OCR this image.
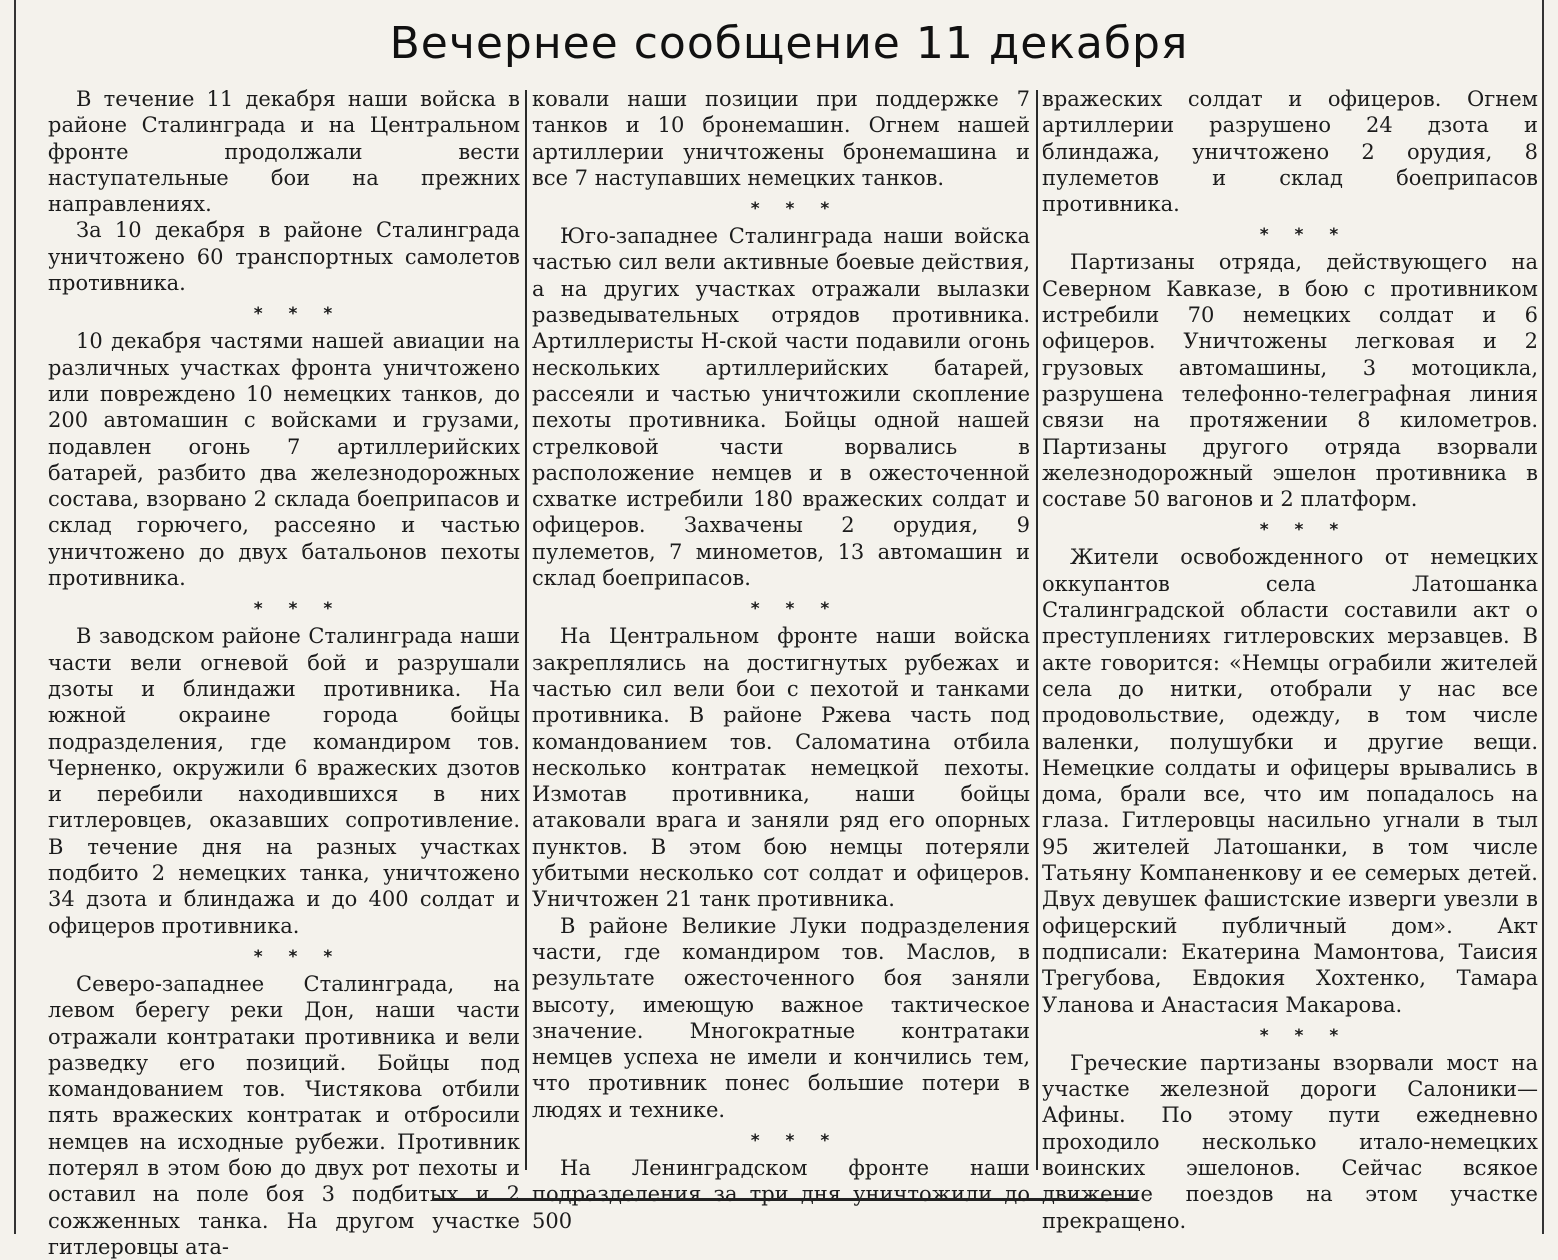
Вечернее сообщение 11 декабря

В течение 11 декабря наши войска в районе Сталинграда и на Центральном фронте продолжали вести наступательные бои на прежних направлениях.

За 10 декабря в районе Сталинграда уничтожено 60 транспортных самолетов противника.

* * *

10 декабря частями нашей авиации на различных участках фронта уничтожено или повреждено 10 немецких танков, до 200 автомашин с войсками и грузами, подавлен огонь 7 артиллерийских батарей, разбито два железнодорожных состава, взорвано 2 склада боеприпасов и склад горючего, рассеяно и частью уничтожено до двух батальонов пехоты противника.

* * *

В заводском районе Сталинграда наши части вели огневой бой и разрушали дзоты и блиндажи противника. На южной окраине города бойцы подразделения, где командиром тов. Черненко, окружили 6 вражеских дзотов и перебили находившихся в них гитлеровцев, оказавших сопротивление. В течение дня на разных участках подбито 2 немецких танка, уничтожено 34 дзота и блиндажа и до 400 солдат и офицеров противника.

* * *

Северо-западнее Сталинграда, на левом берегу реки Дон, наши части отражали контратаки противника и вели разведку его позиций. Бойцы под командованием тов. Чистякова отбили пять вражеских контратак и отбросили немцев на исходные рубежи. Противник потерял в этом бою до двух рот пехоты и оставил на поле боя 3 подбитых и 2 сожженных танка. На другом участке гитлеровцы ата-

ковали наши позиции при поддержке 7 танков и 10 бронемашин. Огнем нашей артиллерии уничтожены бронемашина и все 7 наступавших немецких танков.

* * *

Юго-западнее Сталинграда наши войска частью сил вели активные боевые действия, а на других участках отражали вылазки разведывательных отрядов противника. Артиллеристы Н-ской части подавили огонь нескольких артиллерийских батарей, рассеяли и частью уничтожили скопление пехоты противника. Бойцы одной нашей стрелковой части ворвались в расположение немцев и в ожесточенной схватке истребили 180 вражеских солдат и офицеров. Захвачены 2 орудия, 9 пулеметов, 7 минометов, 13 автомашин и склад боеприпасов.

* * *

На Центральном фронте наши войска закреплялись на достигнутых рубежах и частью сил вели бои с пехотой и танками противника. В районе Ржева часть под командованием тов. Саломатина отбила несколько контратак немецкой пехоты. Измотав противника, наши бойцы атаковали врага и заняли ряд его опорных пунктов. В этом бою немцы потеряли убитыми несколько сот солдат и офицеров. Уничтожен 21 танк противника.

В районе Великие Луки подразделения части, где командиром тов. Маслов, в результате ожесточенного боя заняли высоту, имеющую важное тактическое значение. Многократные контратаки немцев успеха не имели и кончились тем, что противник понес большие потери в людях и технике.

* * *

На Ленинградском фронте наши подразделения за три дня уничтожили до 500

вражеских солдат и офицеров. Огнем артиллерии разрушено 24 дзота и блиндажа, уничтожено 2 орудия, 8 пулеметов и склад боеприпасов противника.

* * *

Партизаны отряда, действующего на Северном Кавказе, в бою с противником истребили 70 немецких солдат и 6 офицеров. Уничтожены легковая и 2 грузовых автомашины, 3 мотоцикла, разрушена телефонно-телеграфная линия связи на протяжении 8 километров. Партизаны другого отряда взорвали железнодорожный эшелон противника в составе 50 вагонов и 2 платформ.

* * *

Жители освобожденного от немецких оккупантов села Латошанка Сталинградской области составили акт о преступлениях гитлеровских мерзавцев. В акте говорится: «Немцы ограбили жителей села до нитки, отобрали у нас все продовольствие, одежду, в том числе валенки, полушубки и другие вещи. Немецкие солдаты и офицеры врывались в дома, брали все, что им попадалось на глаза. Гитлеровцы насильно угнали в тыл 95 жителей Латошанки, в том числе Татьяну Компаненкову и ее семерых детей. Двух девушек фашистские изверги увезли в офицерский публичный дом». Акт подписали: Екатерина Мамонтова, Таисия Трегубова, Евдокия Хохтенко, Тамара Уланова и Анастасия Макарова.

* * *

Греческие партизаны взорвали мост на участке железной дороги Салоники—Афины. По этому пути ежедневно проходило несколько итало-немецких воинских эшелонов. Сейчас всякое движение поездов на этом участке прекращено.
